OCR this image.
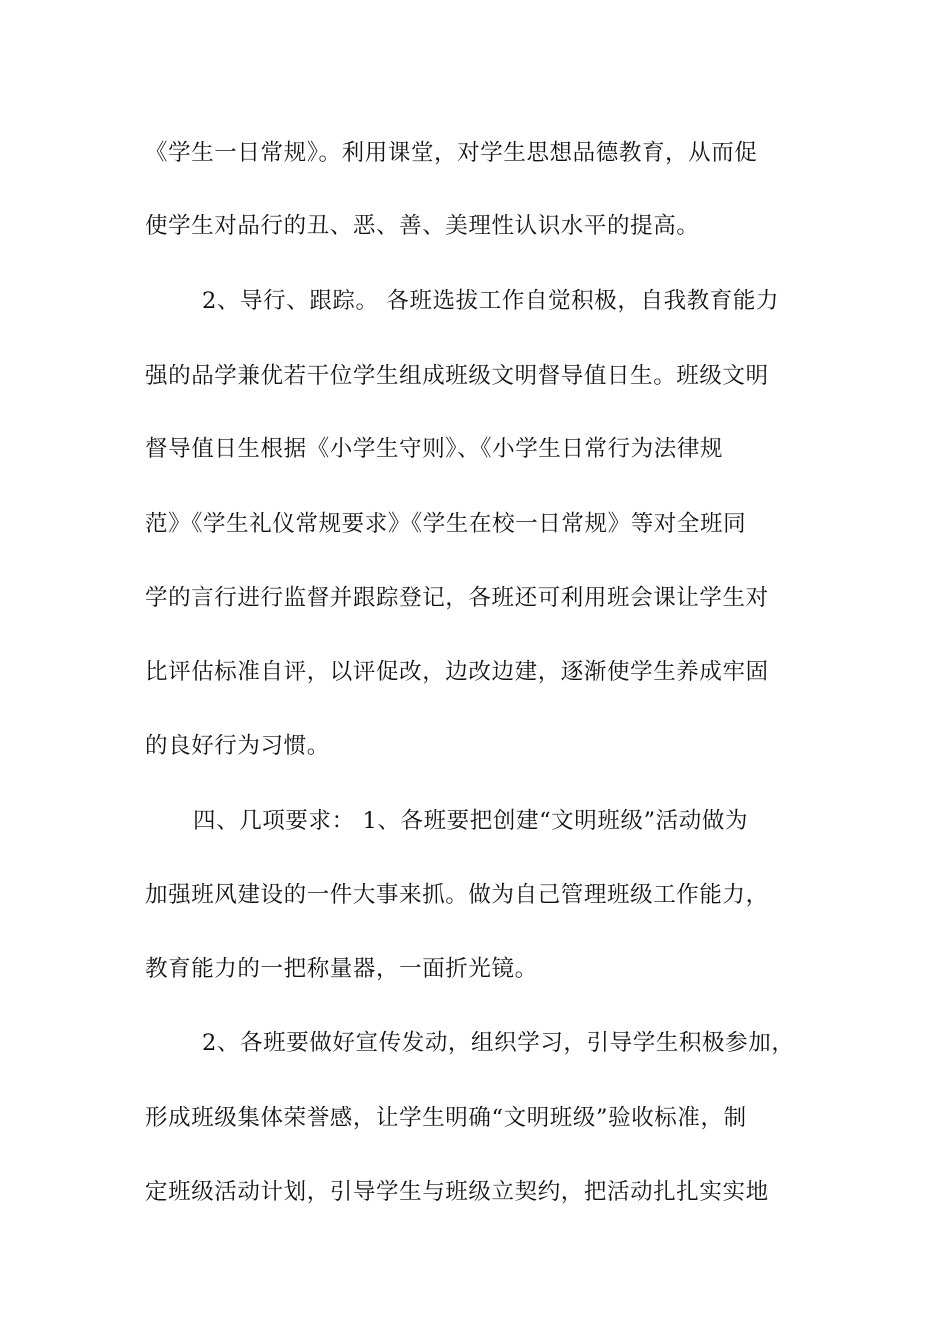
《学生一日常规》。利用课堂，对学生思想品德教育，从而促
使学生对品行的丑、恶、善、美理性认识水平的提高。
2、导行、跟踪。 各班选拔工作自觉积极，自我教育能力
强的品学兼优若干位学生组成班级文明督导值日生。班级文明
督导值日生根据《小学生守则》、《小学生日常行为法律规
范》《学生礼仪常规要求》《学生在校一日常规》等对全班同
学的言行进行监督并跟踪登记，各班还可利用班会课让学生对
比评估标准自评，以评促改，边改边建，逐渐使学生养成牢固
的良好行为习惯。
四、几项要求： 1、各班要把创建“文明班级”活动做为
加强班风建设的一件大事来抓。做为自己管理班级工作能力，
教育能力的一把称量器，一面折光镜。
2、各班要做好宣传发动，组织学习，引导学生积极参加，
形成班级集体荣誉感，让学生明确“文明班级”验收标准，制
定班级活动计划，引导学生与班级立契约，把活动扎扎实实地
